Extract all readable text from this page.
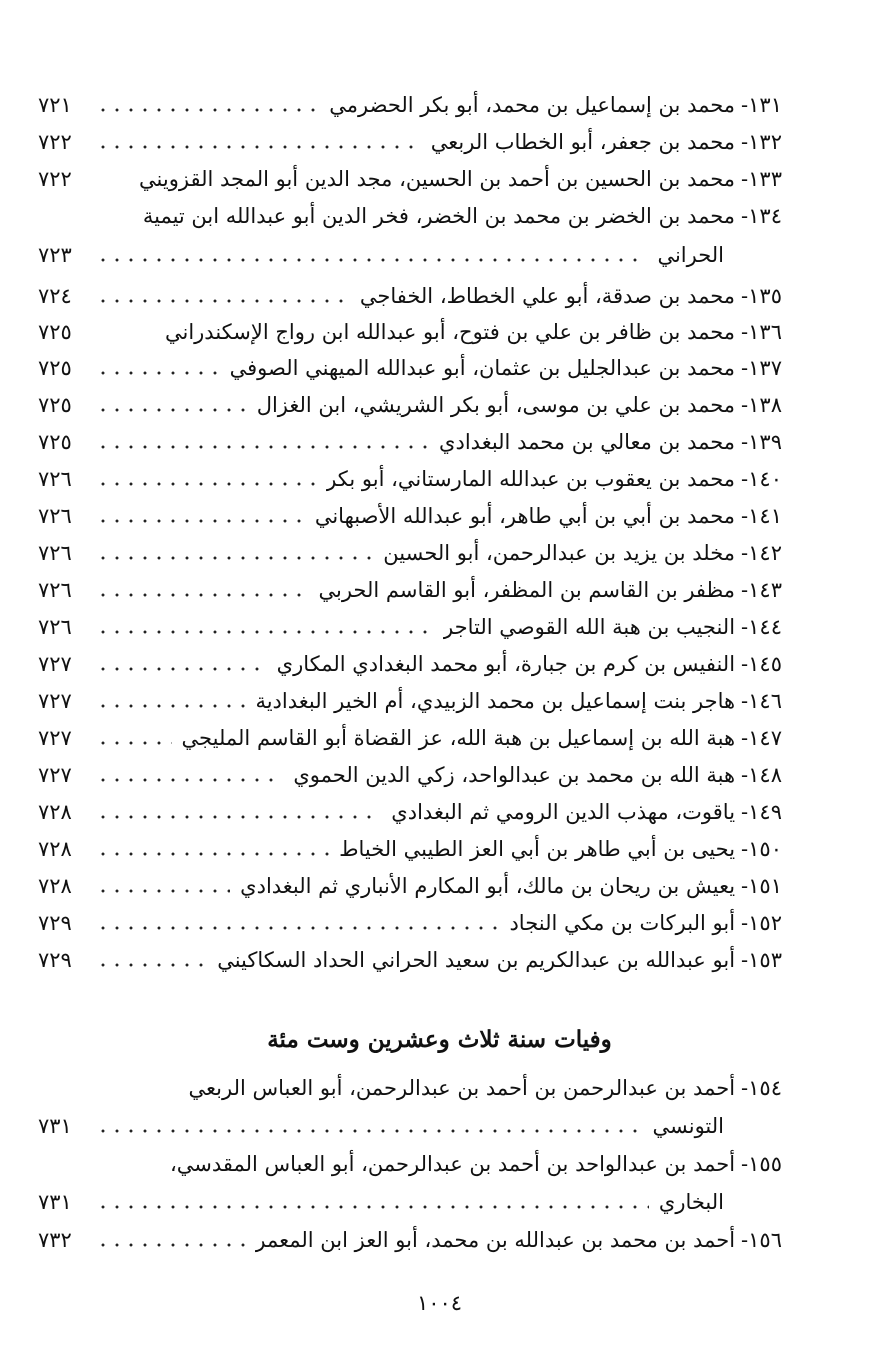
١٣١-
محمد بن إسماعيل بن محمد، أبو بكر الحضرمي
٧٢١
١٣٢-
محمد بن جعفر، أبو الخطاب الربعي
٧٢٢
١٣٣-
محمد بن الحسين بن أحمد بن الحسين، مجد الدين أبو المجد القزويني
٧٢٢
١٣٤-
محمد بن الخضر بن محمد بن الخضر، فخر الدين أبو عبدالله ابن تيمية
الحراني
٧٢٣
١٣٥-
محمد بن صدقة، أبو علي الخطاط، الخفاجي
٧٢٤
١٣٦-
محمد بن ظافر بن علي بن فتوح، أبو عبدالله ابن رواج الإسكندراني
٧٢٥
١٣٧-
محمد بن عبدالجليل بن عثمان، أبو عبدالله الميهني الصوفي
٧٢٥
١٣٨-
محمد بن علي بن موسى، أبو بكر الشريشي، ابن الغزال
٧٢٥
١٣٩-
محمد بن معالي بن محمد البغدادي
٧٢٥
١٤٠-
محمد بن يعقوب بن عبدالله المارستاني، أبو بكر
٧٢٦
١٤١-
محمد بن أبي بن أبي طاهر، أبو عبدالله الأصبهاني
٧٢٦
١٤٢-
مخلد بن يزيد بن عبدالرحمن، أبو الحسين
٧٢٦
١٤٣-
مظفر بن القاسم بن المظفر، أبو القاسم الحربي
٧٢٦
١٤٤-
النجيب بن هبة الله القوصي التاجر
٧٢٦
١٤٥-
النفيس بن كرم بن جبارة، أبو محمد البغدادي المكاري
٧٢٧
١٤٦-
هاجر بنت إسماعيل بن محمد الزبيدي، أم الخير البغدادية
٧٢٧
١٤٧-
هبة الله بن إسماعيل بن هبة الله، عز القضاة أبو القاسم المليجي
٧٢٧
١٤٨-
هبة الله بن محمد بن عبدالواحد، زكي الدين الحموي
٧٢٧
١٤٩-
ياقوت، مهذب الدين الرومي ثم البغدادي
٧٢٨
١٥٠-
يحيى بن أبي طاهر بن أبي العز الطيبي الخياط
٧٢٨
١٥١-
يعيش بن ريحان بن مالك، أبو المكارم الأنباري ثم البغدادي
٧٢٨
١٥٢-
أبو البركات بن مكي النجاد
٧٢٩
١٥٣-
أبو عبدالله بن عبدالكريم بن سعيد الحراني الحداد السكاكيني
٧٢٩
وفيات سنة ثلاث وعشرين وست مئة
١٥٤-
أحمد بن عبدالرحمن بن أحمد بن عبدالرحمن، أبو العباس الربعي
التونسي
٧٣١
١٥٥-
أحمد بن عبدالواحد بن أحمد بن عبدالرحمن، أبو العباس المقدسي،
البخاري
٧٣١
١٥٦-
أحمد بن محمد بن عبدالله بن محمد، أبو العز ابن المعمر
٧٣٢
١٠٠٤
